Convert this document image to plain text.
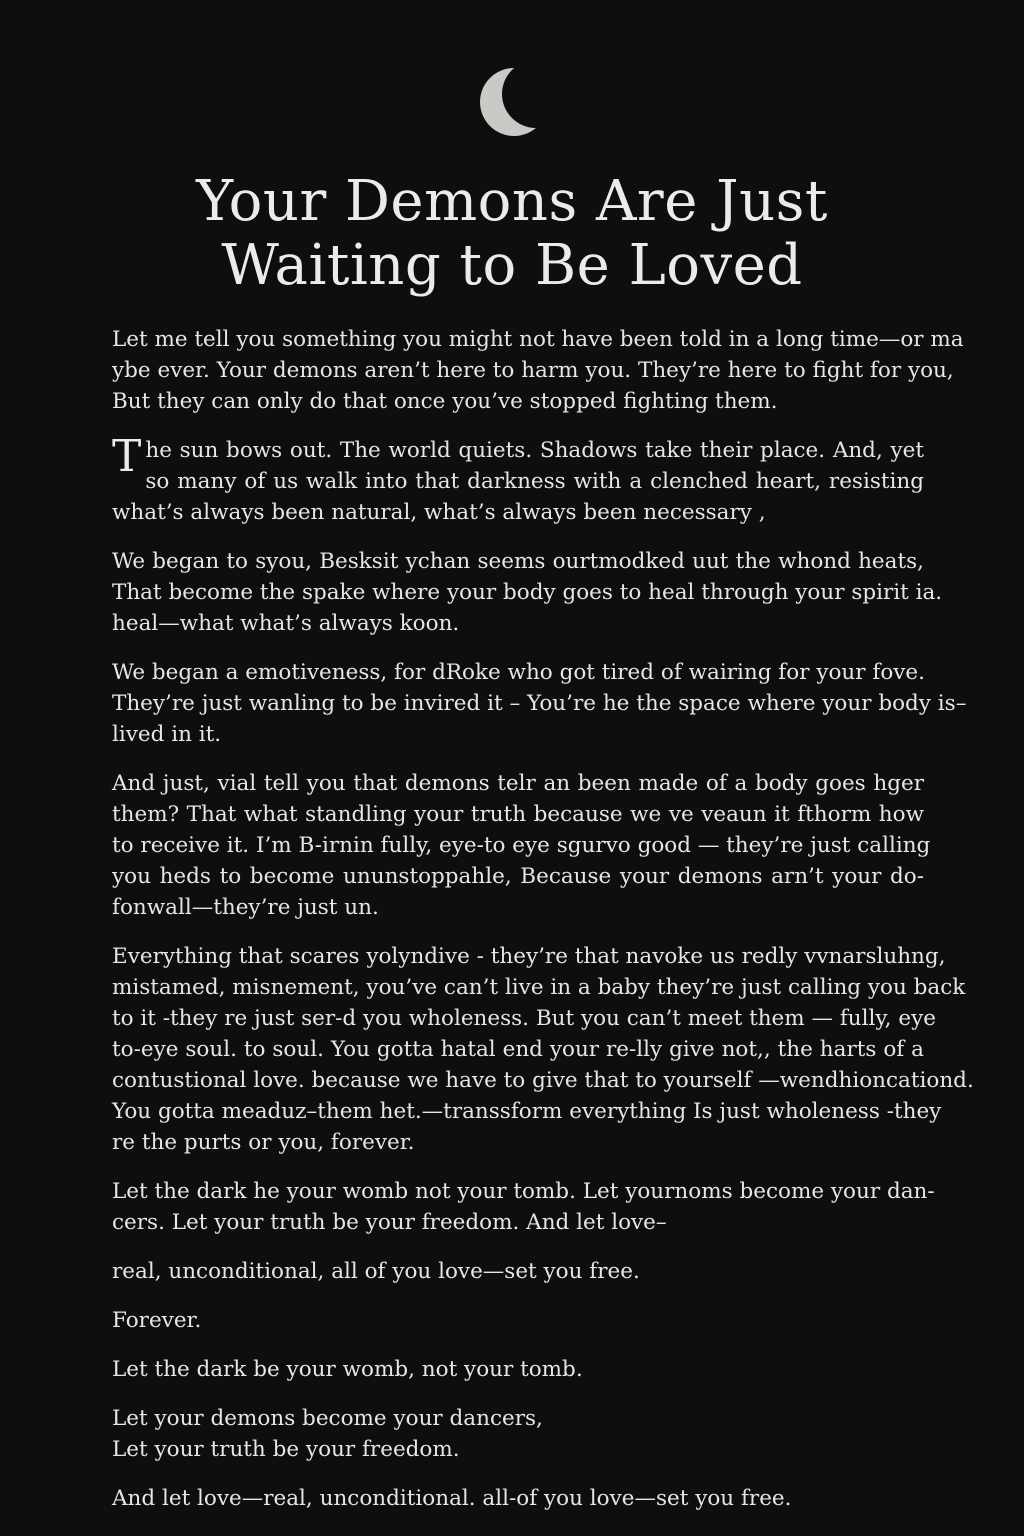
Your Demons Are Just
Waiting to Be Loved

Let me tell you something you might not have been told in a long time—or ma
ybe ever. Your demons aren’t here to harm you. They’re here to fight for you,
But they can only do that once you’ve stopped fighting them.

T he sun bows out. The world quiets. Shadows take their place. And, yet
so many of us walk into that darkness with a clenched heart, resisting
what’s always been natural, what’s always been necessary ,

We began to syou, Besksit ychan seems ourtmodked uut the whond heats,
That become the spake where your body goes to heal through your spirit ia.
heal—what what’s always koon.

We began a emotiveness, for dRoke who got tired of wairing for your fove.
They’re just wanling to be invired it – You’re he the space where your body is–
lived in it.

And just, vial tell you that demons telr an been made of a body goes hger
them? That what standling your truth because we ve veaun it fthorm how
to receive it. I’m B-irnin fully, eye-to eye sgurvo good — they’re just calling
you heds to become ununstoppahle, Because your demons arn’t your do-
fonwall—they’re just un.

Everything that scares yolyndive - they’re that navoke us redly vvnarsluhng,
mistamed, misnement, you’ve can’t live in a baby they’re just calling you back
to it -they re just ser-d you wholeness. But you can’t meet them — fully, eye
to-eye soul. to soul. You gotta hatal end your re-lly give not,, the harts of a
contustional love. because we have to give that to yourself —wendhioncationd.
You gotta meaduz–them het.—transsform everything Is just wholeness -they
re the purts or you, forever.

Let the dark he your womb not your tomb. Let yournoms become your dan-
cers. Let your truth be your freedom. And let love–

real, unconditional, all of you love—set you free.

Forever.

Let the dark be your womb, not your tomb.

Let your demons become your dancers,
Let your truth be your freedom.

And let love—real, unconditional. all-of you love—set you free.
